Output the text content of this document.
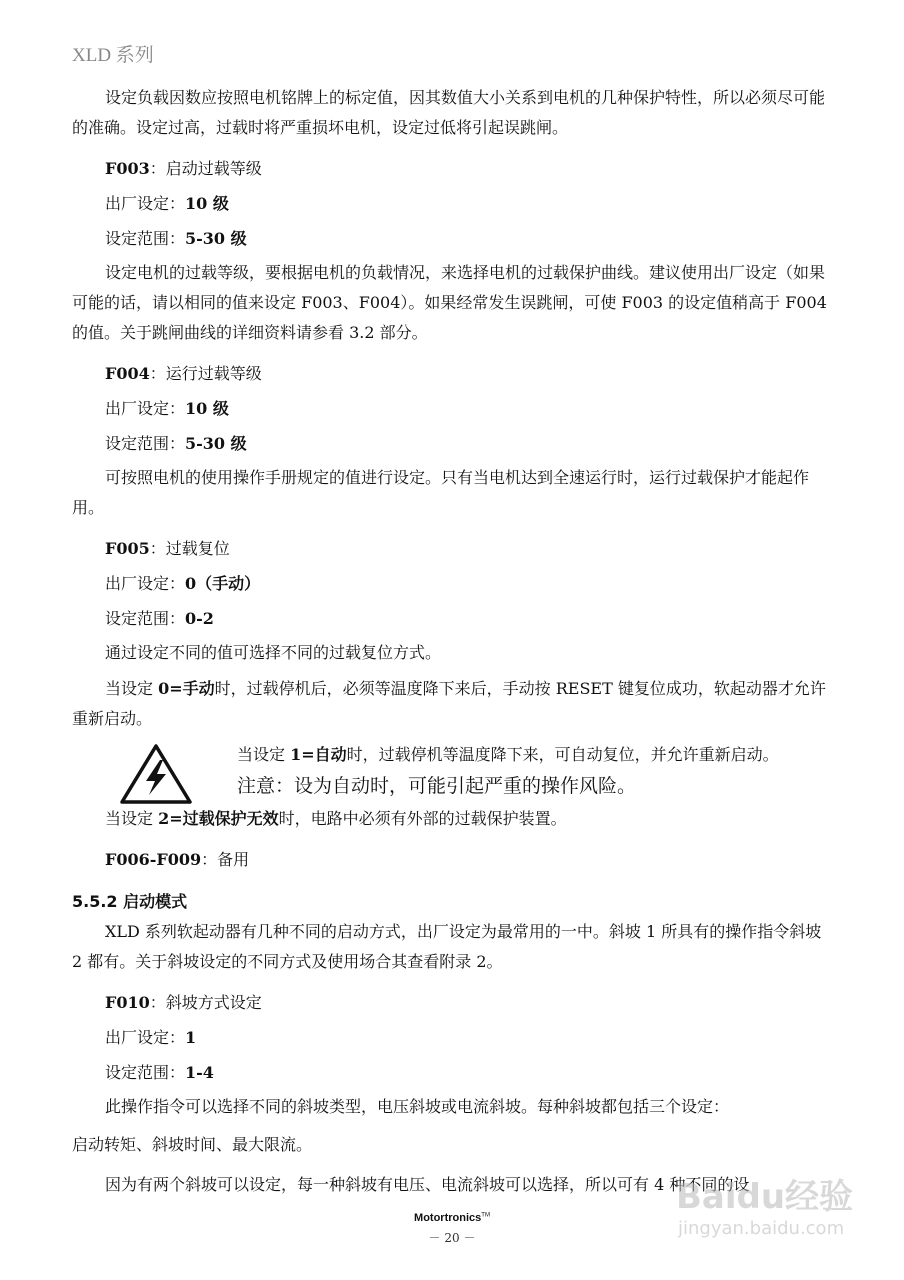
XLD 系列

设定负载因数应按照电机铭牌上的标定值，因其数值大小关系到电机的几种保护特性，所以必须尽可能的准确。设定过高，过载时将严重损坏电机，设定过低将引起误跳闸。

F003：启动过载等级

出厂设定：10 级

设定范围：5-30 级

设定电机的过载等级，要根据电机的负载情况，来选择电机的过载保护曲线。建议使用出厂设定（如果可能的话，请以相同的值来设定 F003、F004）。如果经常发生误跳闸，可使 F003 的设定值稍高于 F004 的值。关于跳闸曲线的详细资料请参看 3.2 部分。

F004：运行过载等级

出厂设定：10 级

设定范围：5-30 级

可按照电机的使用操作手册规定的值进行设定。只有当电机达到全速运行时，运行过载保护才能起作用。

F005：过载复位

出厂设定：0（手动）

设定范围：0-2

通过设定不同的值可选择不同的过载复位方式。

当设定 0=手动时，过载停机后，必须等温度降下来后，手动按 RESET 键复位成功，软起动器才允许重新启动。

当设定 1=自动时，过载停机等温度降下来，可自动复位，并允许重新启动。
注意：设为自动时，可能引起严重的操作风险。

当设定 2=过载保护无效时，电路中必须有外部的过载保护装置。

F006-F009：备用

5.5.2 启动模式

XLD 系列软起动器有几种不同的启动方式，出厂设定为最常用的一中。斜坡 1 所具有的操作指令斜坡 2 都有。关于斜坡设定的不同方式及使用场合其查看附录 2。

F010：斜坡方式设定

出厂设定：1

设定范围：1-4

此操作指令可以选择不同的斜坡类型，电压斜坡或电流斜坡。每种斜坡都包括三个设定：

启动转矩、斜坡时间、最大限流。

因为有两个斜坡可以设定，每一种斜坡有电压、电流斜坡可以选择，所以可有 4 种不同的设

Baidu经验
jingyan.baidu.com
Motortronics™
－ 20 －
